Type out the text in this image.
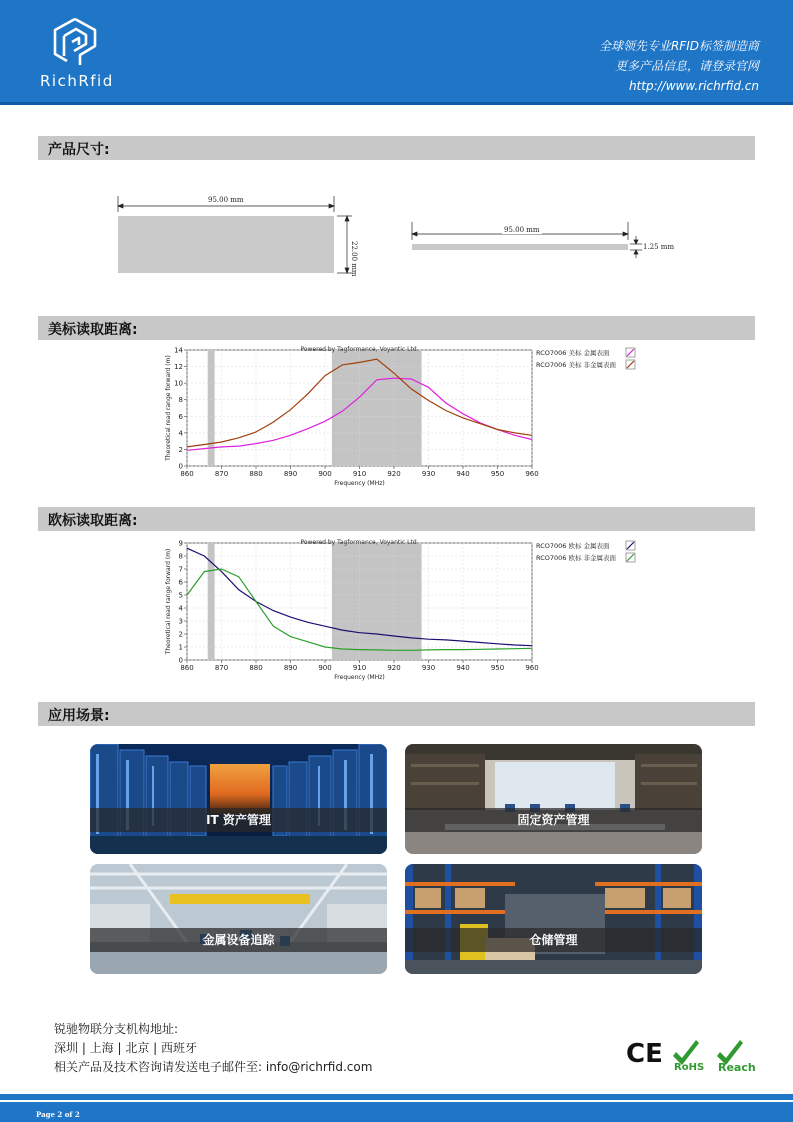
RichRfid
全球领先专业RFID标签制造商
更多产品信息，请登录官网
http://www.richrfid.cn
产品尺寸:
95.00 mm
22.00 mm
95.00 mm
1.25 mm
美标读取距离:
860	870	880	890	900	910	920	930	940	950	960
0
2
4
6
8
10
12
14
Frequency (MHz)
Theoretical read range forward (m)
Powered by Tagformance, Voyantic Ltd.	RCO7006 美标 金属表面
RCO7006 美标 非金属表面
欧标读取距离:
860	870	880	890	900	910	920	930	940	950	960
0
1
2
3
4
5
6
7
8
9
Frequency (MHz)
Theoretical read range forward (m)
Powered by Tagformance, Voyantic Ltd.	RCO7006 欧标 金属表面
RCO7006 欧标 非金属表面
应用场景:
IT 资产管理	固定资产管理
金属设备追踪	仓储管理
锐驰物联分支机构地址:
深圳 | 上海 | 北京 | 西班牙
相关产品及技术咨询请发送电子邮件至: info@richrfid.com	CE RoHS Reach
Page 2 of 2
